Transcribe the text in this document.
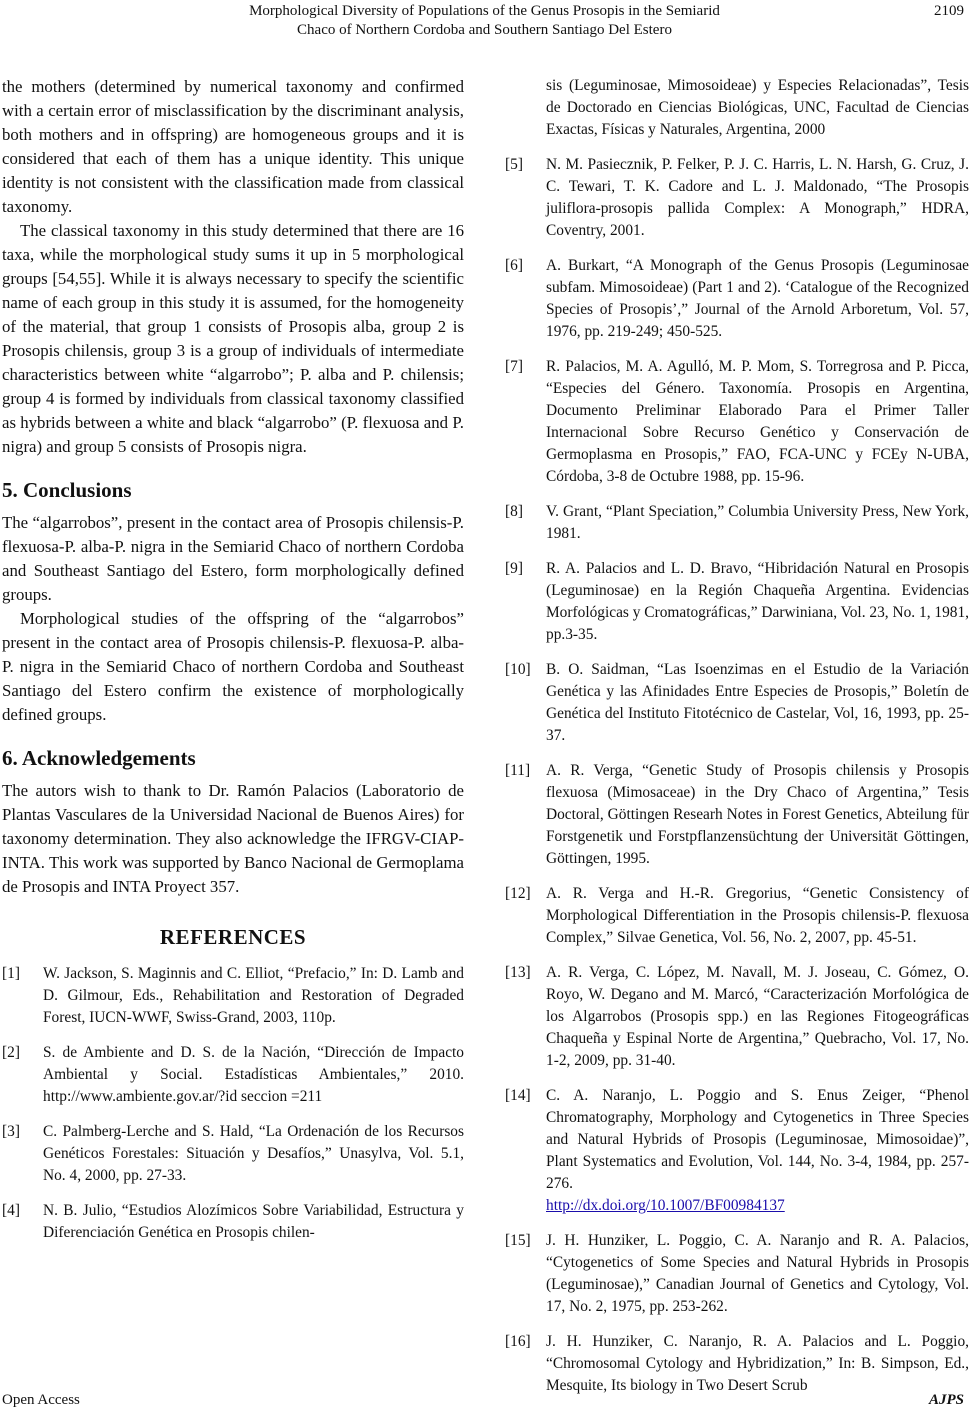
Morphological Diversity of Populations of the Genus Prosopis in the Semiarid
Chaco of Northern Cordoba and Southern Santiago Del Estero
2109

the mothers (determined by numerical taxonomy and confirmed with a certain error of misclassification by the discriminant analysis, both mothers and in offspring) are homogeneous groups and it is considered that each of them has a unique identity. This unique identity is not consistent with the classification made from classical taxonomy.

The classical taxonomy in this study determined that there are 16 taxa, while the morphological study sums it up in 5 morphological groups [54,55]. While it is always necessary to specify the scientific name of each group in this study it is assumed, for the homogeneity of the material, that group 1 consists of Prosopis alba, group 2 is Prosopis chilensis, group 3 is a group of individuals of intermediate characteristics between white “algarrobo”; P. alba and P. chilensis; group 4 is formed by individuals from classical taxonomy classified as hybrids between a white and black “algarrobo” (P. flexuosa and P. nigra) and group 5 consists of Prosopis nigra.

5. Conclusions

The “algarrobos”, present in the contact area of Prosopis chilensis-P. flexuosa-P. alba-P. nigra in the Semiarid Chaco of northern Cordoba and Southeast Santiago del Estero, form morphologically defined groups.

Morphological studies of the offspring of the “algarrobos” present in the contact area of Prosopis chilensis-P. flexuosa-P. alba-P. nigra in the Semiarid Chaco of northern Cordoba and Southeast Santiago del Estero confirm the existence of morphologically defined groups.

6. Acknowledgements

The autors wish to thank to Dr. Ramón Palacios (Laboratorio de Plantas Vasculares de la Universidad Nacional de Buenos Aires) for taxonomy determination. They also acknowledge the IFRGV-CIAP-INTA. This work was supported by Banco Nacional de Germoplama de Prosopis and INTA Proyect 357.

REFERENCES
[1]	W. Jackson, S. Maginnis and C. Elliot, “Prefacio,” In: D. Lamb and D. Gilmour, Eds., Rehabilitation and Restoration of Degraded Forest, IUCN-WWF, Swiss-Grand, 2003, 110p.
[2]	S. de Ambiente and D. S. de la Nación, “Dirección de Impacto Ambiental y Social. Estadísticas Ambientales,” 2010. http://www.ambiente.gov.ar/?id seccion =211
[3]	C. Palmberg-Lerche and S. Hald, “La Ordenación de los Recursos Genéticos Forestales: Situación y Desafíos,” Unasylva, Vol. 5.1, No. 4, 2000, pp. 27-33.
[4]	N. B. Julio, “Estudios Alozímicos Sobre Variabilidad, Estructura y Diferenciación Genética en Prosopis chilen-
sis (Leguminosae, Mimosoideae) y Especies Relacionadas”, Tesis de Doctorado en Ciencias Biológicas, UNC, Facultad de Ciencias Exactas, Físicas y Naturales, Argentina, 2000
[5]	N. M. Pasiecznik, P. Felker, P. J. C. Harris, L. N. Harsh, G. Cruz, J. C. Tewari, T. K. Cadore and L. J. Maldonado, “The Prosopis juliflora-prosopis pallida Complex: A Monograph,” HDRA, Coventry, 2001.
[6]	A. Burkart, “A Monograph of the Genus Prosopis (Leguminosae subfam. Mimosoideae) (Part 1 and 2). ‘Catalogue of the Recognized Species of Prosopis’,” Journal of the Arnold Arboretum, Vol. 57, 1976, pp. 219-249; 450-525.
[7]	R. Palacios, M. A. Agulló, M. P. Mom, S. Torregrosa and P. Picca, “Especies del Género. Taxonomía. Prosopis en Argentina, Documento Preliminar Elaborado Para el Primer Taller Internacional Sobre Recurso Genético y Conservación de Germoplasma en Prosopis,” FAO, FCA-UNC y FCEy N-UBA, Córdoba, 3-8 de Octubre 1988, pp. 15-96.
[8]	V. Grant, “Plant Speciation,” Columbia University Press, New York, 1981.
[9]	R. A. Palacios and L. D. Bravo, “Hibridación Natural en Prosopis (Leguminosae) en la Región Chaqueña Argentina. Evidencias Morfológicas y Cromatográficas,” Darwiniana, Vol. 23, No. 1, 1981, pp.3-35.
[10] B. O. Saidman, “Las Isoenzimas en el Estudio de la Variación Genética y las Afinidades Entre Especies de Prosopis,” Boletín de Genética del Instituto Fitotécnico de Castelar, Vol, 16, 1993, pp. 25-37.
[11]	A. R. Verga, “Genetic Study of Prosopis chilensis y Prosopis flexuosa (Mimosaceae) in the Dry Chaco of Argentina,” Tesis Doctoral, Göttingen Researh Notes in Forest Genetics, Abteilung für Forstgenetik und Forstpflanzensüchtung der Universität Göttingen, Göttingen, 1995.
[12] A. R. Verga and H.-R. Gregorius, “Genetic Consistency of Morphological Differentiation in the Prosopis chilensis-P. flexuosa Complex,” Silvae Genetica, Vol. 56, No. 2, 2007, pp. 45-51.
[13] A. R. Verga, C. López, M. Navall, M. J. Joseau, C. Gómez, O. Royo, W. Degano and M. Marcó, “Caracterización Morfológica de los Algarrobos (Prosopis spp.) en las Regiones Fitogeográficas Chaqueña y Espinal Norte de Argentina,” Quebracho, Vol. 17, No. 1-2, 2009, pp. 31-40.
[14] C. A. Naranjo, L. Poggio and S. Enus Zeiger, “Phenol Chromatography, Morphology and Cytogenetics in Three Species and Natural Hybrids of Prosopis (Leguminosae, Mimosoidae)”, Plant Systematics and Evolution, Vol. 144, No. 3-4, 1984, pp. 257-276.
http://dx.doi.org/10.1007/BF00984137
[15] J. H. Hunziker, L. Poggio, C. A. Naranjo and R. A. Palacios, “Cytogenetics of Some Species and Natural Hybrids in Prosopis (Leguminosae),” Canadian Journal of Genetics and Cytology, Vol. 17, No. 2, 1975, pp. 253-262.
[16] J. H. Hunziker, C. Naranjo, R. A. Palacios and L. Poggio, “Chromosomal Cytology and Hybridization,” In: B. Simpson, Ed., Mesquite, Its biology in Two Desert Scrub
Open Access	AJPS
